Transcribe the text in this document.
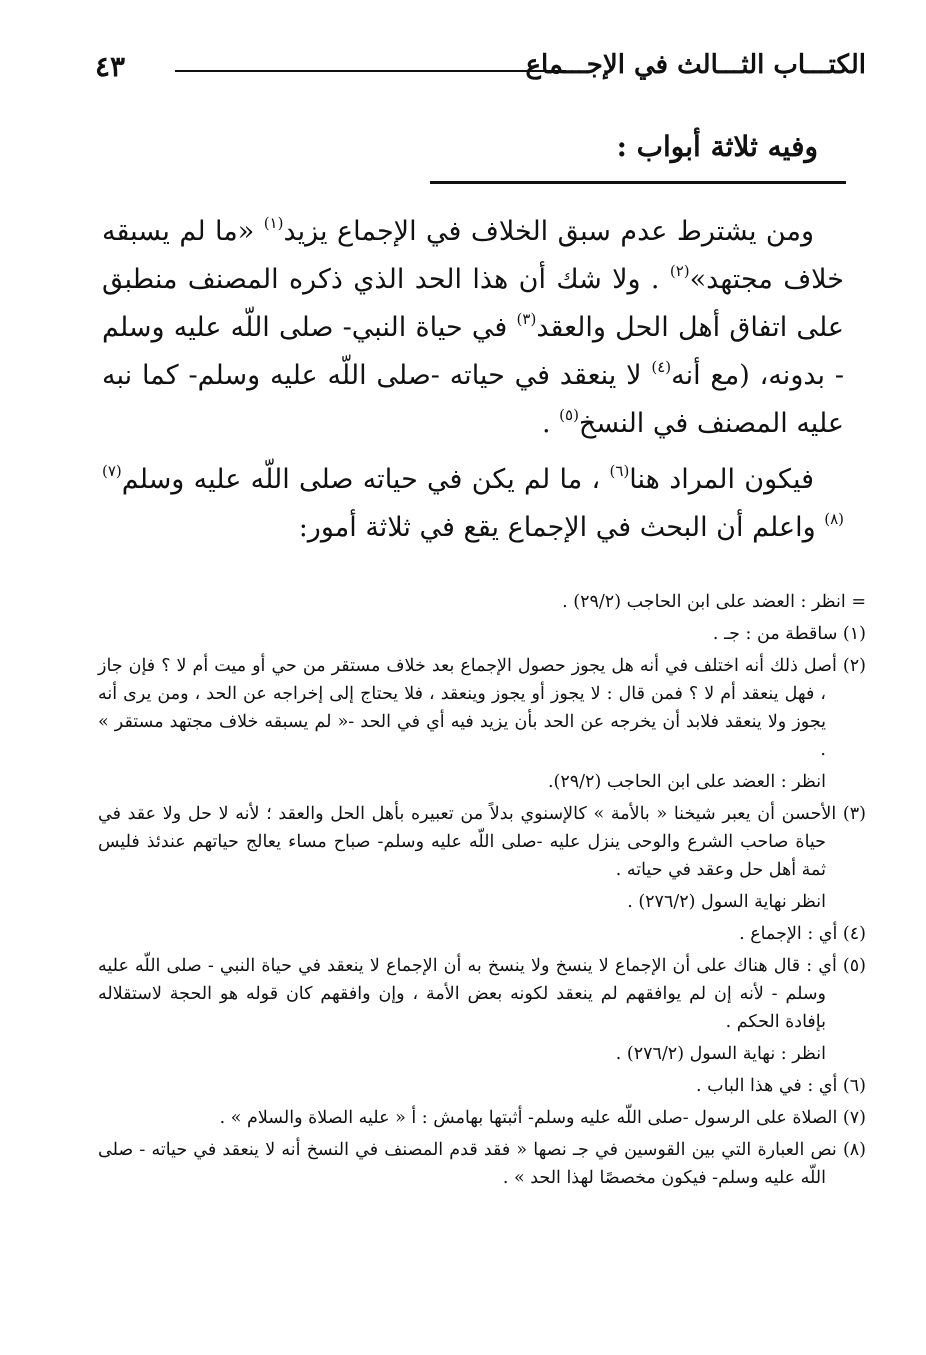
الكتـــاب الثـــالث في الإجـــماع
٤٣
وفيه ثلاثة أبواب :

ومن يشترط عدم سبق الخلاف في الإجماع يزيد$^{(١)}$ «ما لم يسبقه خلاف مجتهد»$^{(٢)}$ . ولا شك أن هذا الحد الذي ذكره المصنف منطبق على اتفاق أهل الحل والعقد$^{(٣)}$ في حياة النبي- صلى اللّه عليه وسلم - بدونه، (مع أنه$^{(٤)}$ لا ينعقد في حياته -صلى اللّه عليه وسلم- كما نبه عليه المصنف في النسخ$^{(٥)}$ .

فيكون المراد هنا$^{(٦)}$ ، ما لم يكن في حياته صلى اللّه عليه وسلم$^{(٧)(٨)}$ واعلم أن البحث في الإجماع يقع في ثلاثة أمور:

= انظر : العضد على ابن الحاجب (٢٩/٢) .

(١) ساقطة من : جـ .

(٢) أصل ذلك أنه اختلف في أنه هل يجوز حصول الإجماع بعد خلاف مستقر من حي أو ميت أم لا ؟ فإن جاز ، فهل ينعقد أم لا ؟ فمن قال : لا يجوز أو يجوز وينعقد ، فلا يحتاج إلى إخراجه عن الحد ، ومن يرى أنه يجوز ولا ينعقد فلابد أن يخرجه عن الحد بأن يزيد فيه أي في الحد -« لم يسبقه خلاف مجتهد مستقر » .

انظر : العضد على ابن الحاجب (٢٩/٢).

(٣) الأحسن أن يعبر شيخنا « بالأمة » كالإسنوي بدلاً من تعبيره بأهل الحل والعقد ؛ لأنه لا حل ولا عقد في حياة صاحب الشرع والوحى ينزل عليه -صلى اللّه عليه وسلم- صباح مساء يعالج حياتهم عندئذ فليس ثمة أهل حل وعقد في حياته .

انظر نهاية السول (٢٧٦/٢) .

(٤) أي : الإجماع .

(٥) أي : قال هناك على أن الإجماع لا ينسخ ولا ينسخ به أن الإجماع لا ينعقد في حياة النبي - صلى اللّه عليه وسلم - لأنه إن لم يوافقهم لم ينعقد لكونه بعض الأمة ، وإن وافقهم كان قوله هو الحجة لاستقلاله بإفادة الحكم .

انظر : نهاية السول (٢٧٦/٢) .

(٦) أي : في هذا الباب .

(٧) الصلاة على الرسول -صلى اللّه عليه وسلم- أثبتها بهامش : أ « عليه الصلاة والسلام » .

(٨) نص العبارة التي بين القوسين في جـ نصها « فقد قدم المصنف في النسخ أنه لا ينعقد في حياته - صلى اللّه عليه وسلم- فيكون مخصصًا لهذا الحد » .
